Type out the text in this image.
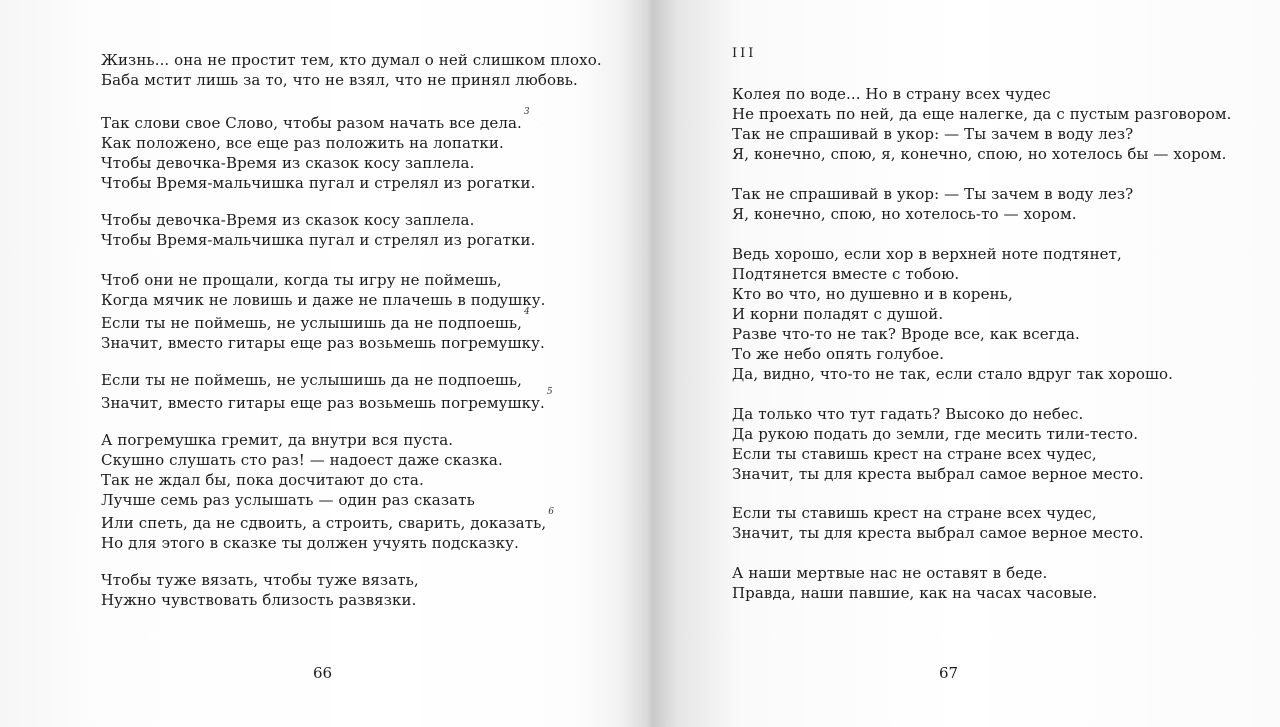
Жизнь... она не простит тем, кто думал о ней слишком плохо.
Баба мстит лишь за то, что не взял, что не принял любовь.
Так слови свое Слово, чтобы разом начать все дела.$^3$
Как положено, все еще раз положить на лопатки.
Чтобы девочка-Время из сказок косу заплела.
Чтобы Время-мальчишка пугал и стрелял из рогатки.
Чтобы девочка-Время из сказок косу заплела.
Чтобы Время-мальчишка пугал и стрелял из рогатки.
Чтоб они не прощали, когда ты игру не поймешь,
Когда мячик не ловишь и даже не плачешь в подушку.
Если ты не поймешь, не услышишь да не подпоешь,$^4$
Значит, вместо гитары еще раз возьмешь погремушку.
Если ты не поймешь, не услышишь да не подпоешь,
Значит, вместо гитары еще раз возьмешь погремушку.$^5$
А погремушка гремит, да внутри вся пуста.
Скушно слушать сто раз! — надоест даже сказка.
Так не ждал бы, пока досчитают до ста.
Лучше семь раз услышать — один раз сказать
Или спеть, да не сдвоить, а строить, сварить, доказать,$^6$
Но для этого в сказке ты должен учуять подсказку.
Чтобы туже вязать, чтобы туже вязать,
Нужно чувствовать близость развязки.
66
III
Колея по воде... Но в страну всех чудес
Не проехать по ней, да еще налегке, да с пустым разговором.
Так не спрашивай в укор: — Ты зачем в воду лез?
Я, конечно, спою, я, конечно, спою, но хотелось бы — хором.
Так не спрашивай в укор: — Ты зачем в воду лез?
Я, конечно, спою, но хотелось-то — хором.
Ведь хорошо, если хор в верхней ноте подтянет,
Подтянется вместе с тобою.
Кто во что, но душевно и в корень,
И корни поладят с душой.
Разве что-то не так? Вроде все, как всегда.
То же небо опять голубое.
Да, видно, что-то не так, если стало вдруг так хорошо.
Да только что тут гадать? Высоко до небес.
Да рукою подать до земли, где месить тили-тесто.
Если ты ставишь крест на стране всех чудес,
Значит, ты для креста выбрал самое верное место.
Если ты ставишь крест на стране всех чудес,
Значит, ты для креста выбрал самое верное место.
А наши мертвые нас не оставят в беде.
Правда, наши павшие, как на часах часовые.
67
